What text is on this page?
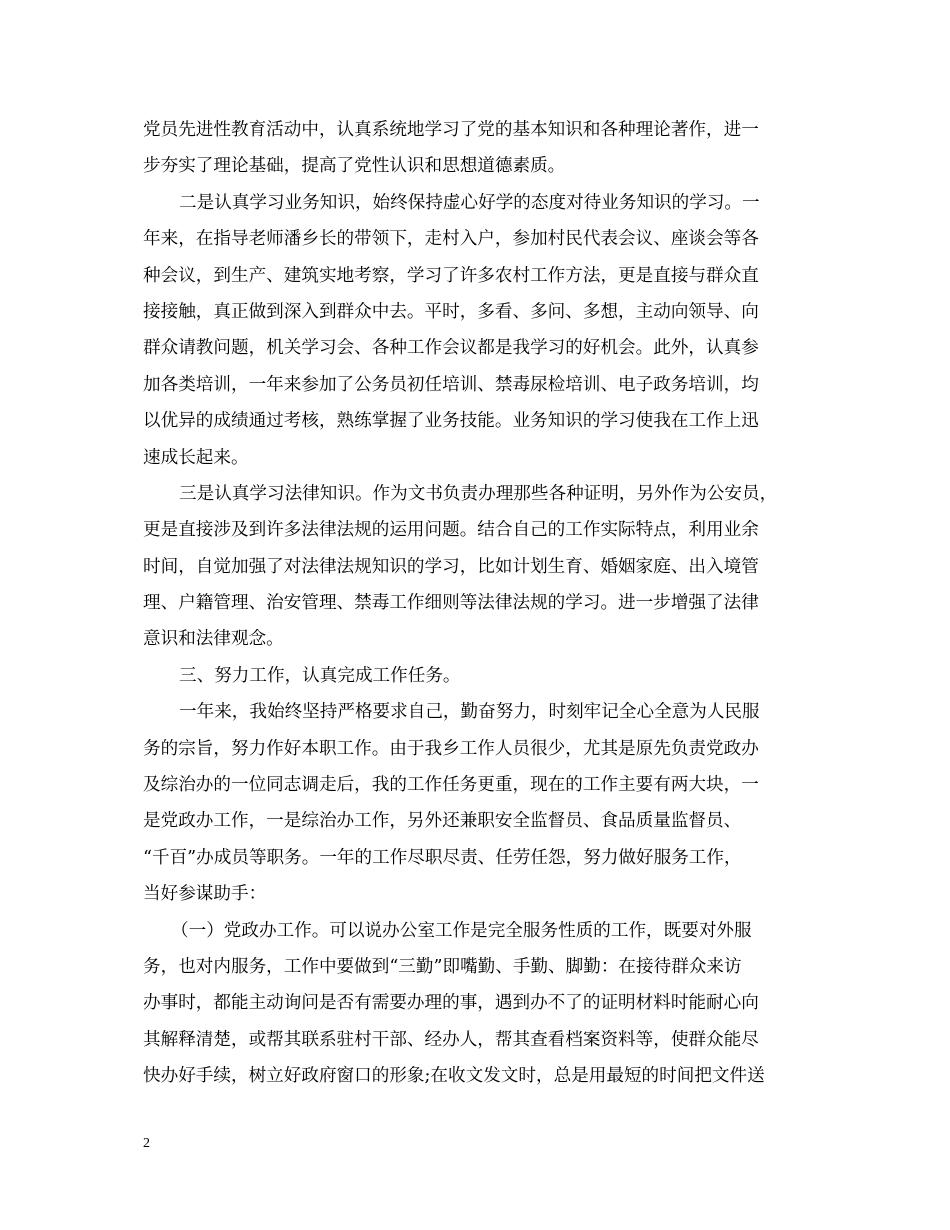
党员先进性教育活动中，认真系统地学习了党的基本知识和各种理论著作，进一
步夯实了理论基础，提高了党性认识和思想道德素质。
二是认真学习业务知识，始终保持虚心好学的态度对待业务知识的学习。一
年来，在指导老师潘乡长的带领下，走村入户，参加村民代表会议、座谈会等各
种会议，到生产、建筑实地考察，学习了许多农村工作方法，更是直接与群众直
接接触，真正做到深入到群众中去。平时，多看、多问、多想，主动向领导、向
群众请教问题，机关学习会、各种工作会议都是我学习的好机会。此外，认真参
加各类培训，一年来参加了公务员初任培训、禁毒尿检培训、电子政务培训，均
以优异的成绩通过考核，熟练掌握了业务技能。业务知识的学习使我在工作上迅
速成长起来。
三是认真学习法律知识。作为文书负责办理那些各种证明，另外作为公安员，
更是直接涉及到许多法律法规的运用问题。结合自己的工作实际特点，利用业余
时间，自觉加强了对法律法规知识的学习，比如计划生育、婚姻家庭、出入境管
理、户籍管理、治安管理、禁毒工作细则等法律法规的学习。进一步增强了法律
意识和法律观念。
三、努力工作，认真完成工作任务。
一年来，我始终坚持严格要求自己，勤奋努力，时刻牢记全心全意为人民服
务的宗旨，努力作好本职工作。由于我乡工作人员很少，尤其是原先负责党政办
及综治办的一位同志调走后，我的工作任务更重，现在的工作主要有两大块，一
是党政办工作，一是综治办工作，另外还兼职安全监督员、食品质量监督员、
“千百”办成员等职务。一年的工作尽职尽责、任劳任怨，努力做好服务工作，
当好参谋助手：
（一）党政办工作。可以说办公室工作是完全服务性质的工作，既要对外服
务，也对内服务，工作中要做到“三勤”即嘴勤、手勤、脚勤：在接待群众来访
办事时，都能主动询问是否有需要办理的事，遇到办不了的证明材料时能耐心向
其解释清楚，或帮其联系驻村干部、经办人，帮其查看档案资料等，使群众能尽
快办好手续，树立好政府窗口的形象;在收文发文时，总是用最短的时间把文件送
2
